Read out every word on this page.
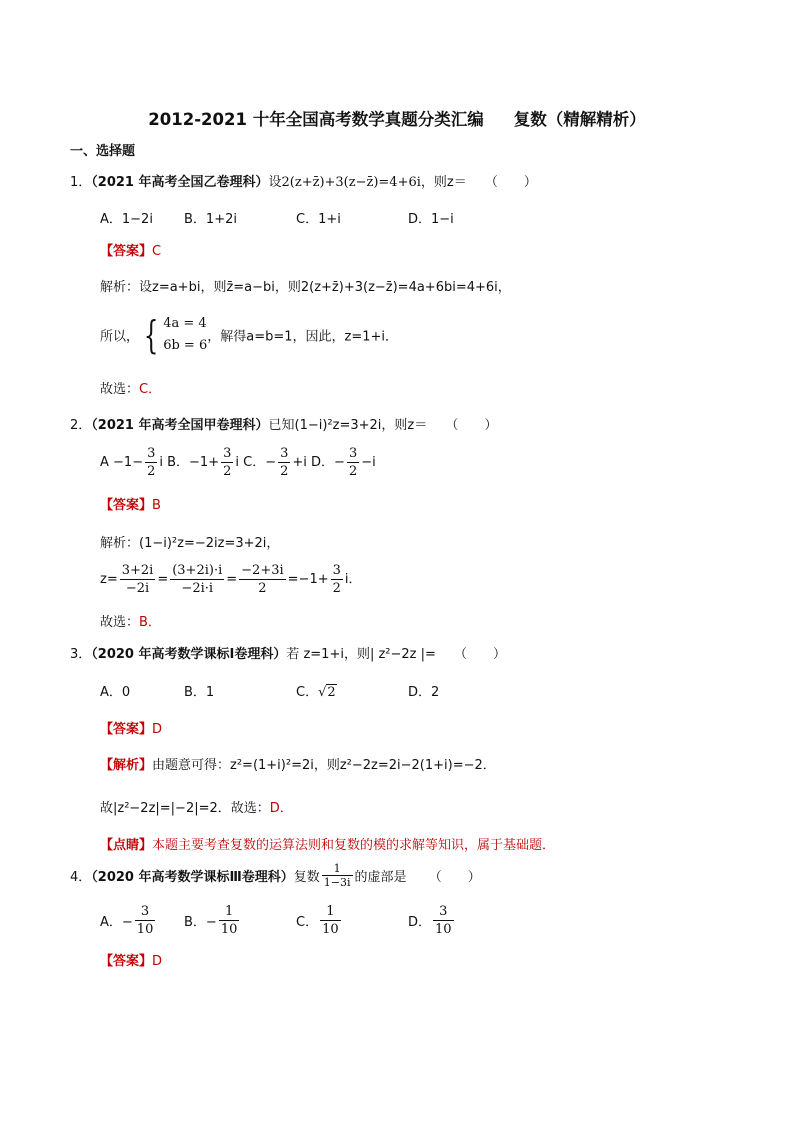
2012-2021 十年全国高考数学真题分类汇编 复数（精解精析）
一、选择题
1．（2021 年高考全国乙卷理科）设2(z+z̄)+3(z−z̄)=4+6i，则z＝ （　　）
A．1−2i B．1+2i	C．1+i	D．1−i
【答案】C
解析：设z=a+bi，则z̄=a−bi，则2(z+z̄)+3(z−z̄)=4a+6bi=4+6i，
所以， { 4a = 4
6b = 6
，解得a=b=1，因此，z=1+i．
故选：C．
2．（2021 年高考全国甲卷理科）已知(1−i)²z=3+2i，则z＝ （　　）
$A -1- \frac{3}{2}$ i B．$-1+ \frac{3}{2}$ i C．− $\frac{3}{2} +i$ D．− $\frac{3}{2} -i$
【答案】B
解析：(1−i)²z=−2iz=3+2i，
$z= \frac{3+2i}{-2i} = \frac{(3+2i)\cdot i}{-2i\cdot i} = \frac{-2+3i}{2} =-1+ \frac{3}{2}$ i．
故选：B．
3．（2020 年高考数学课标Ⅰ卷理科）若 z=1+i，则| z²−2z |= （　　）
A．0	B．1	C．√2	D．2
【答案】D
【解析】由题意可得：z²=(1+i)²=2i，则z²−2z=2i−2(1+i)=−2．
故|z²−2z|=|−2|=2．故选：D．
【点睛】本题主要考查复数的运算法则和复数的模的求解等知识，属于基础题．
4．（2020 年高考数学课标Ⅲ卷理科）复数 $\frac{1}{1-3i}$ 的虚部是 （　　）
A．− $\frac{3}{10}$ B．− $\frac{1}{10}$	C． $\frac{1}{10}$	D． $\frac{3}{10}$
【答案】D
